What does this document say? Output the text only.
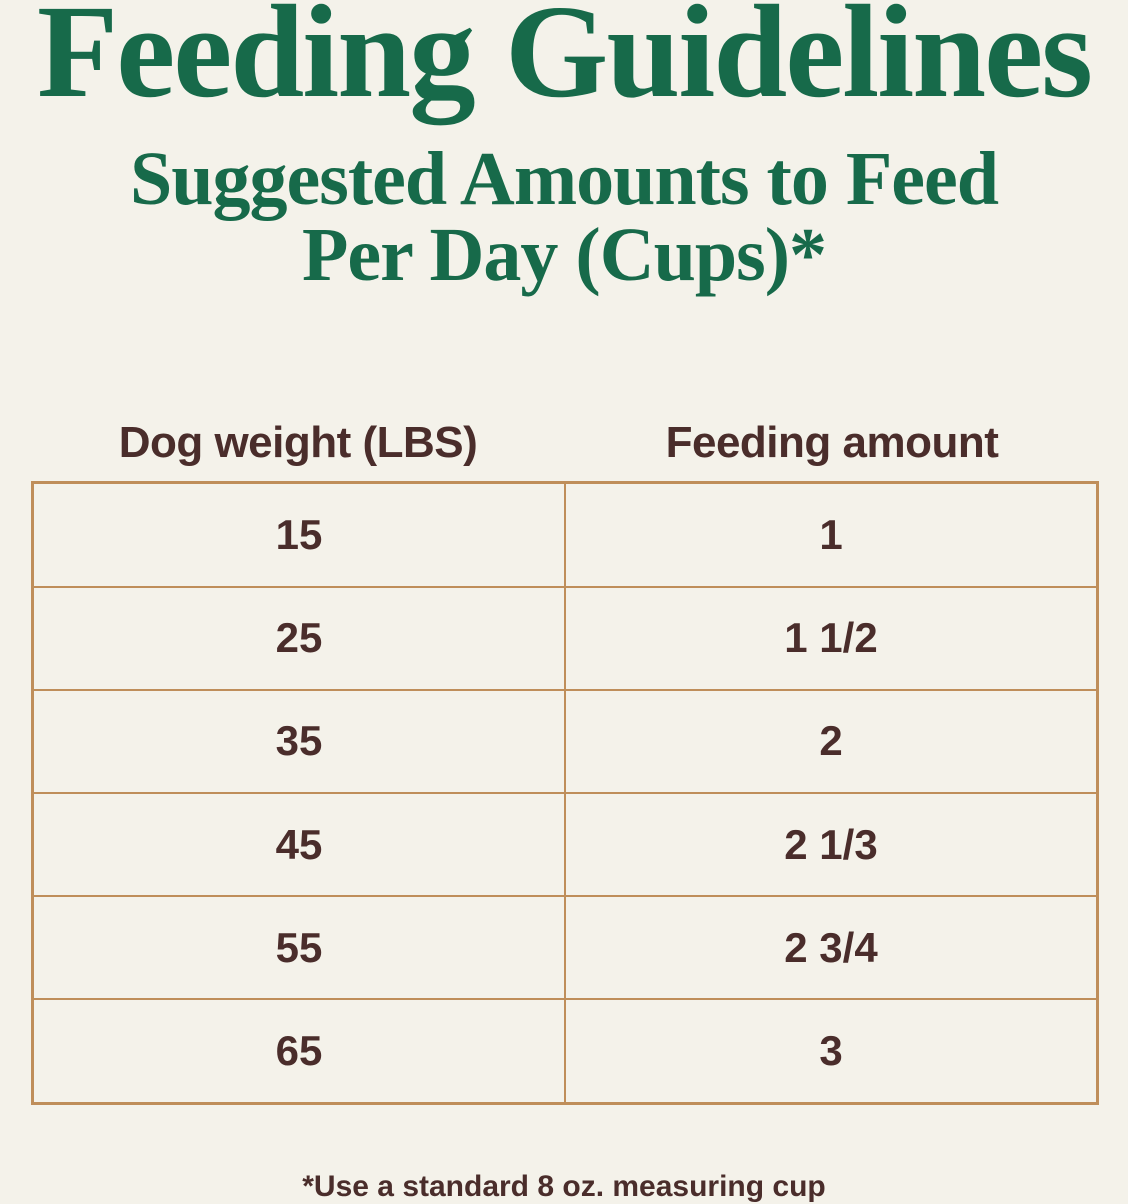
Feeding Guidelines
Suggested Amounts to Feed
Per Day (Cups)*
Dog weight (LBS)	Feeding amount
15	1
25	1 1/2
35	2
45	2 1/3
55	2 3/4
65	3
*Use a standard 8 oz. measuring cup
